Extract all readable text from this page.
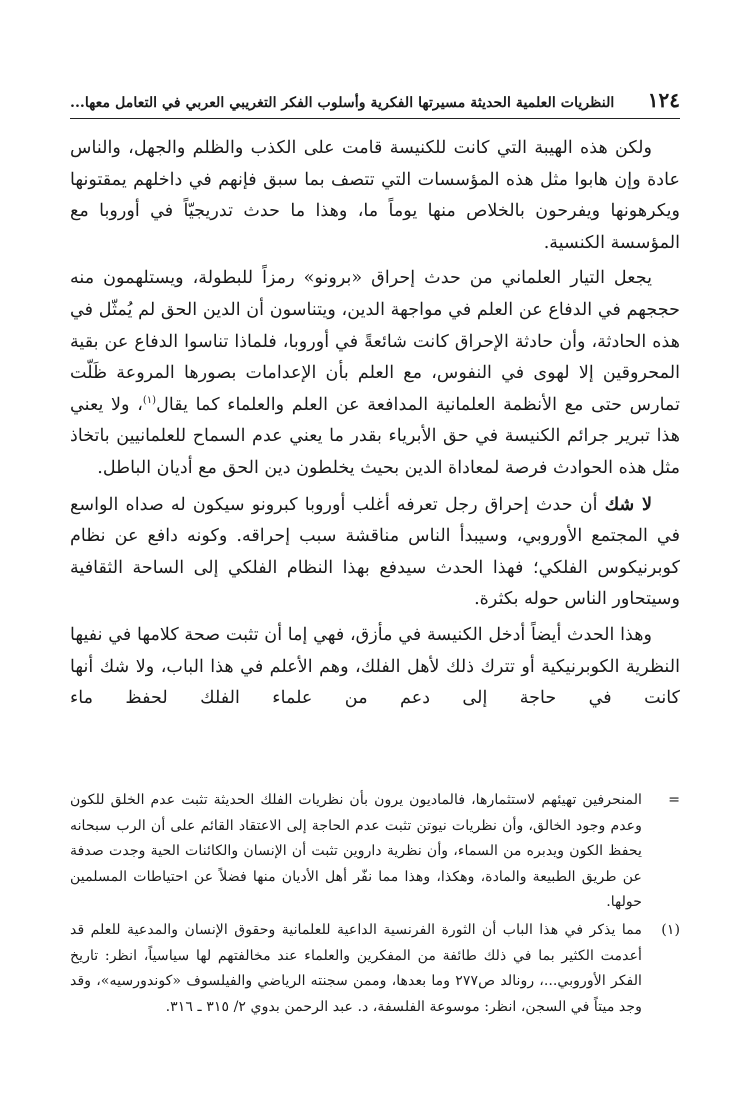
١٢٤
النظريات العلمية الحديثة مسيرتها الفكرية وأسلوب الفكر التغريبي العربي في التعامل معها...

ولكن هذه الهيبة التي كانت للكنيسة قامت على الكذب والظلم والجهل، والناس عادة وإن هابوا مثل هذه المؤسسات التي تتصف بما سبق فإنهم في داخلهم يمقتونها ويكرهونها ويفرحون بالخلاص منها يوماً ما، وهذا ما حدث تدريجيّاً في أوروبا مع المؤسسة الكنسية.

يجعل التيار العلماني من حدث إحراق «برونو» رمزاً للبطولة، ويستلهمون منه حججهم في الدفاع عن العلم في مواجهة الدين، ويتناسون أن الدين الحق لم يُمثّل في هذه الحادثة، وأن حادثة الإحراق كانت شائعةً في أوروبا، فلماذا تناسوا الدفاع عن بقية المحروقين إلا لهوى في النفوس، مع العلم بأن الإعدامات بصورها المروعة ظَلّت تمارس حتى مع الأنظمة العلمانية المدافعة عن العلم والعلماء كما يقال$^{(١)}$، ولا يعني هذا تبرير جرائم الكنيسة في حق الأبرياء بقدر ما يعني عدم السماح للعلمانيين باتخاذ مثل هذه الحوادث فرصة لمعاداة الدين بحيث يخلطون دين الحق مع أديان الباطل.

لا شك أن حدث إحراق رجل تعرفه أغلب أوروبا كبرونو سيكون له صداه الواسع في المجتمع الأوروبي، وسيبدأ الناس مناقشة سبب إحراقه. وكونه دافع عن نظام كوبرنيكوس الفلكي؛ فهذا الحدث سيدفع بهذا النظام الفلكي إلى الساحة الثقافية وسيتحاور الناس حوله بكثرة.

وهذا الحدث أيضاً أدخل الكنيسة في مأزق، فهي إما أن تثبت صحة كلامها في نفيها النظرية الكوبرنيكية أو تترك ذلك لأهل الفلك، وهم الأعلم في هذا الباب، ولا شك أنها كانت في حاجة إلى دعم من علماء الفلك لحفظ ماء

=

المنحرفين تهيئهم لاستثمارها، فالماديون يرون بأن نظريات الفلك الحديثة تثبت عدم الخلق للكون وعدم وجود الخالق، وأن نظريات نيوتن تثبت عدم الحاجة إلى الاعتقاد القائم على أن الرب سبحانه يحفظ الكون ويدبره من السماء، وأن نظرية داروين تثبت أن الإنسان والكائنات الحية وجدت صدفة عن طريق الطبيعة والمادة، وهكذا، وهذا مما نفّر أهل الأديان منها فضلاً عن احتياطات المسلمين حولها.

(١)

مما يذكر في هذا الباب أن الثورة الفرنسية الداعية للعلمانية وحقوق الإنسان والمدعية للعلم قد أعدمت الكثير بما في ذلك طائفة من المفكرين والعلماء عند مخالفتهم لها سياسياً، انظر: تاريخ الفكر الأوروبي...، رونالد ص٢٧٧ وما بعدها، وممن سجنته الرياضي والفيلسوف «كوندورسيه»، وقد وجد ميتاً في السجن، انظر: موسوعة الفلسفة، د. عبد الرحمن بدوي ٢/ ٣١٥ ـ ٣١٦.
